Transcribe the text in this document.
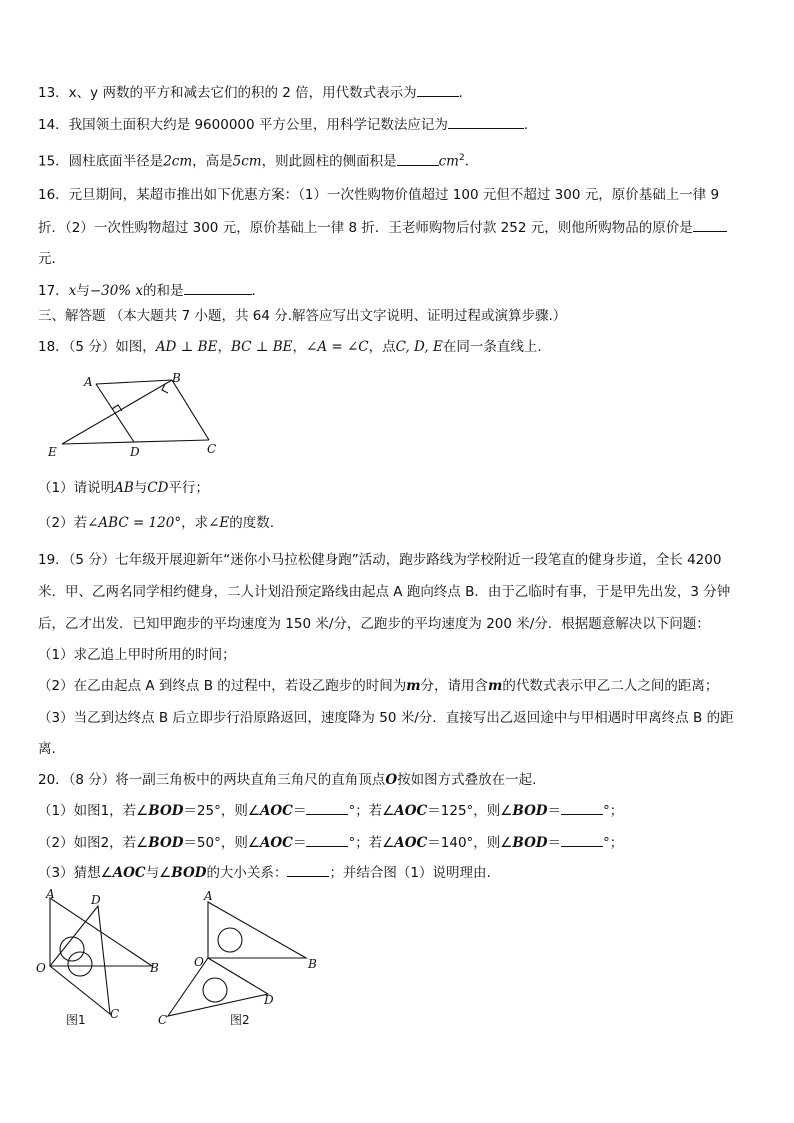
13．x、y 两数的平方和减去它们的积的 2 倍，用代数式表示为	．
14．我国领土面积大约是 9600000 平方公里，用科学记数法应记为	．
15．圆柱底面半径是2cm，高是5cm，则此圆柱的侧面积是	$cm^2$．
16．元旦期间，某超市推出如下优惠方案：（1）一次性购物价值超过 100 元但不超过 300 元，原价基础上一律 9
折．（2）一次性购物超过 300 元，原价基础上一律 8 折．王老师购物后付款 252 元，则他所购物品的原价是
元．
17．x与−30% x的和是	．
三、解答题 （本大题共 7 小题，共 64 分.解答应写出文字说明、证明过程或演算步骤.）
18．（5 分）如图，AD ⊥ BE，BC ⊥ BE，∠A = ∠C，点C, D, E在同一条直线上.
A	B
C
D
E
（1）请说明AB与CD平行；
（2）若∠ABC = 120°，求∠E的度数.
19．（5 分）七年级开展迎新年“迷你小马拉松健身跑”活动，跑步路线为学校附近一段笔直的健身步道，全长 4200
米．甲、乙两名同学相约健身，二人计划沿预定路线由起点 A 跑向终点 B．由于乙临时有事，于是甲先出发，3 分钟
后，乙才出发．已知甲跑步的平均速度为 150 米/分，乙跑步的平均速度为 200 米/分．根据题意解决以下问题：
（1）求乙追上甲时所用的时间；
（2）在乙由起点 A 到终点 B 的过程中，若设乙跑步的时间为m分，请用含m的代数式表示甲乙二人之间的距离；
（3）当乙到达终点 B 后立即步行沿原路返回，速度降为 50 米/分．直接写出乙返回途中与甲相遇时甲离终点 B 的距
离.
20．（8 分）将一副三角板中的两块直角三角尺的直角顶点O按如图方式叠放在一起.
（1）如图1，若∠BOD＝25°，则∠AOC＝	°；若∠AOC＝125°，则∠BOD＝	°；
（2）如图2，若∠BOD＝50°，则∠AOC＝	°；若∠AOC＝140°，则∠BOD＝	°；
（3）猜想∠AOC与∠BOD的大小关系：	；并结合图（1）说明理由.
A	D
O	B
C
图1
A
O	B
C
D
图2
